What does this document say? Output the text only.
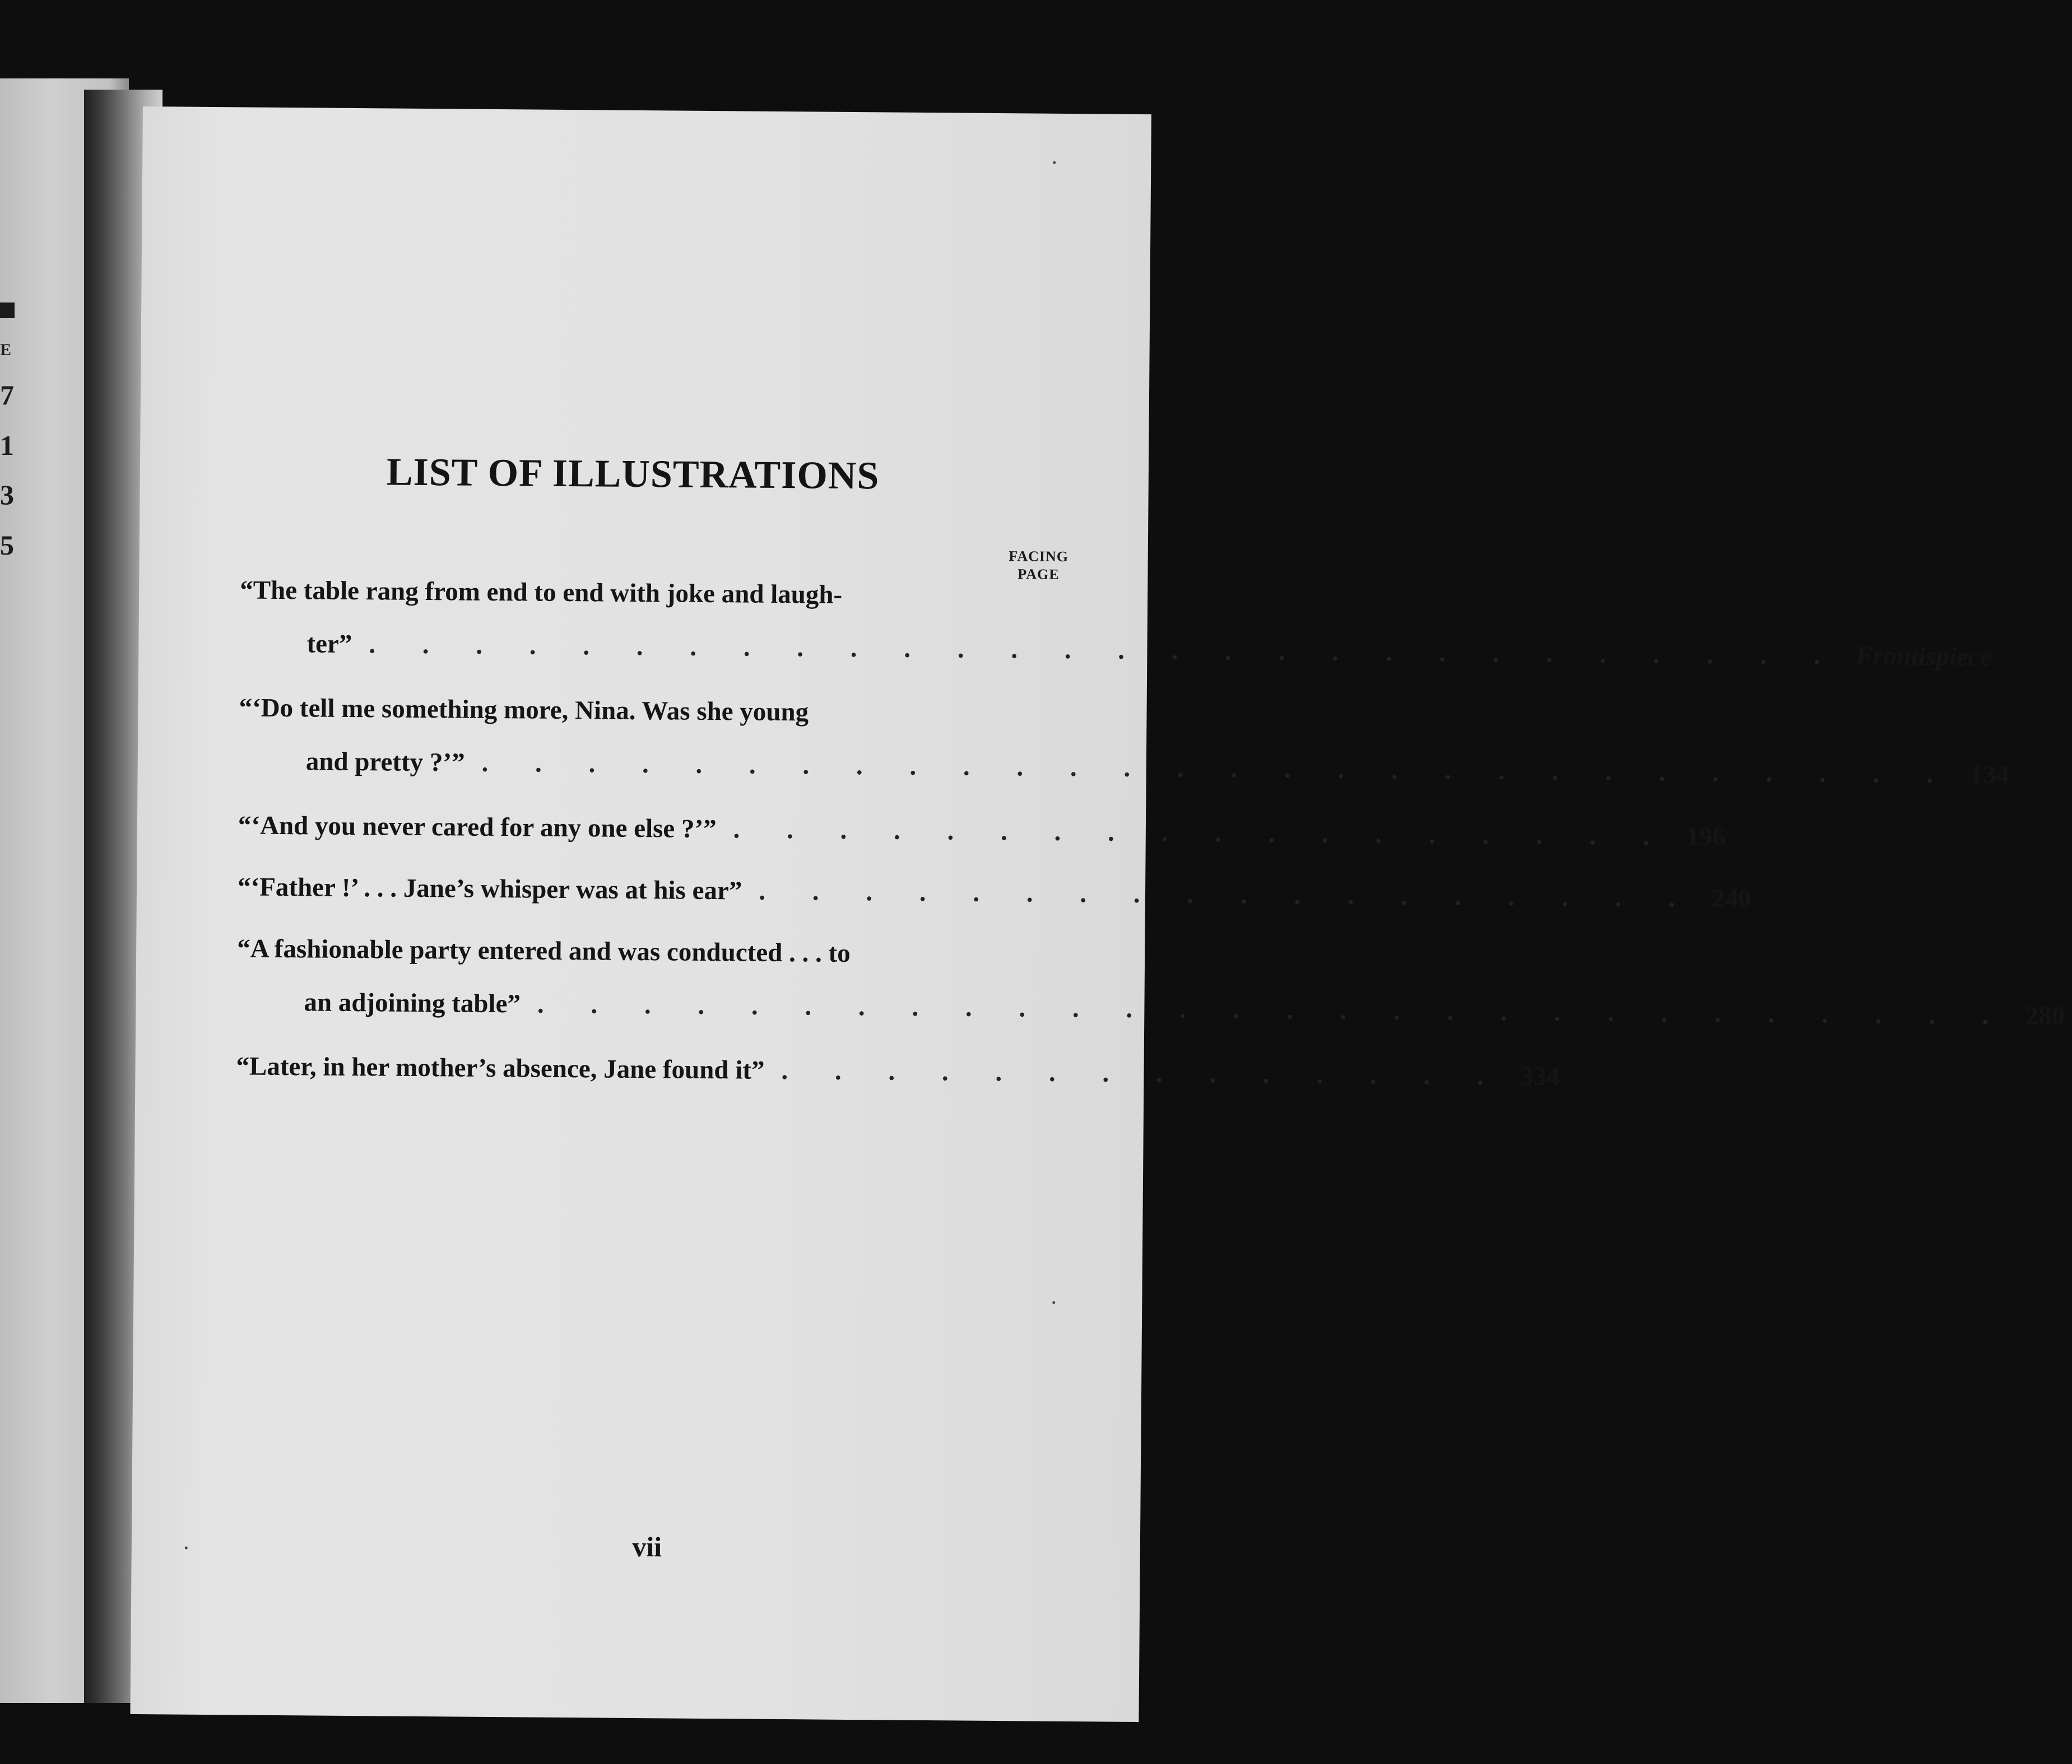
E
7
1
3
5
LIST OF ILLUSTRATIONS
FACING
PAGE
“The table rang from end to end with joke and laugh-
ter” . . . . . . . . . . . . . . . . . . . . . . . . . . . . Frontispiece
“‘Do tell me something more, Nina. Was she young
and pretty ?’” . . . . . . . . . . . . . . . . . . . . . . . . . . . . 134
“‘And you never cared for any one else ?’” . . . . . . . . . . . . . . . . . . 196
“‘Father !’ . . . Jane’s whisper was at his ear” . . . . . . . . . . . . . . . . . . 240
“A fashionable party entered and was conducted . . . to
an adjoining table” . . . . . . . . . . . . . . . . . . . . . . . . . . . . 280
“Later, in her mother’s absence, Jane found it” . . . . . . . . . . . . . . 334
vii
